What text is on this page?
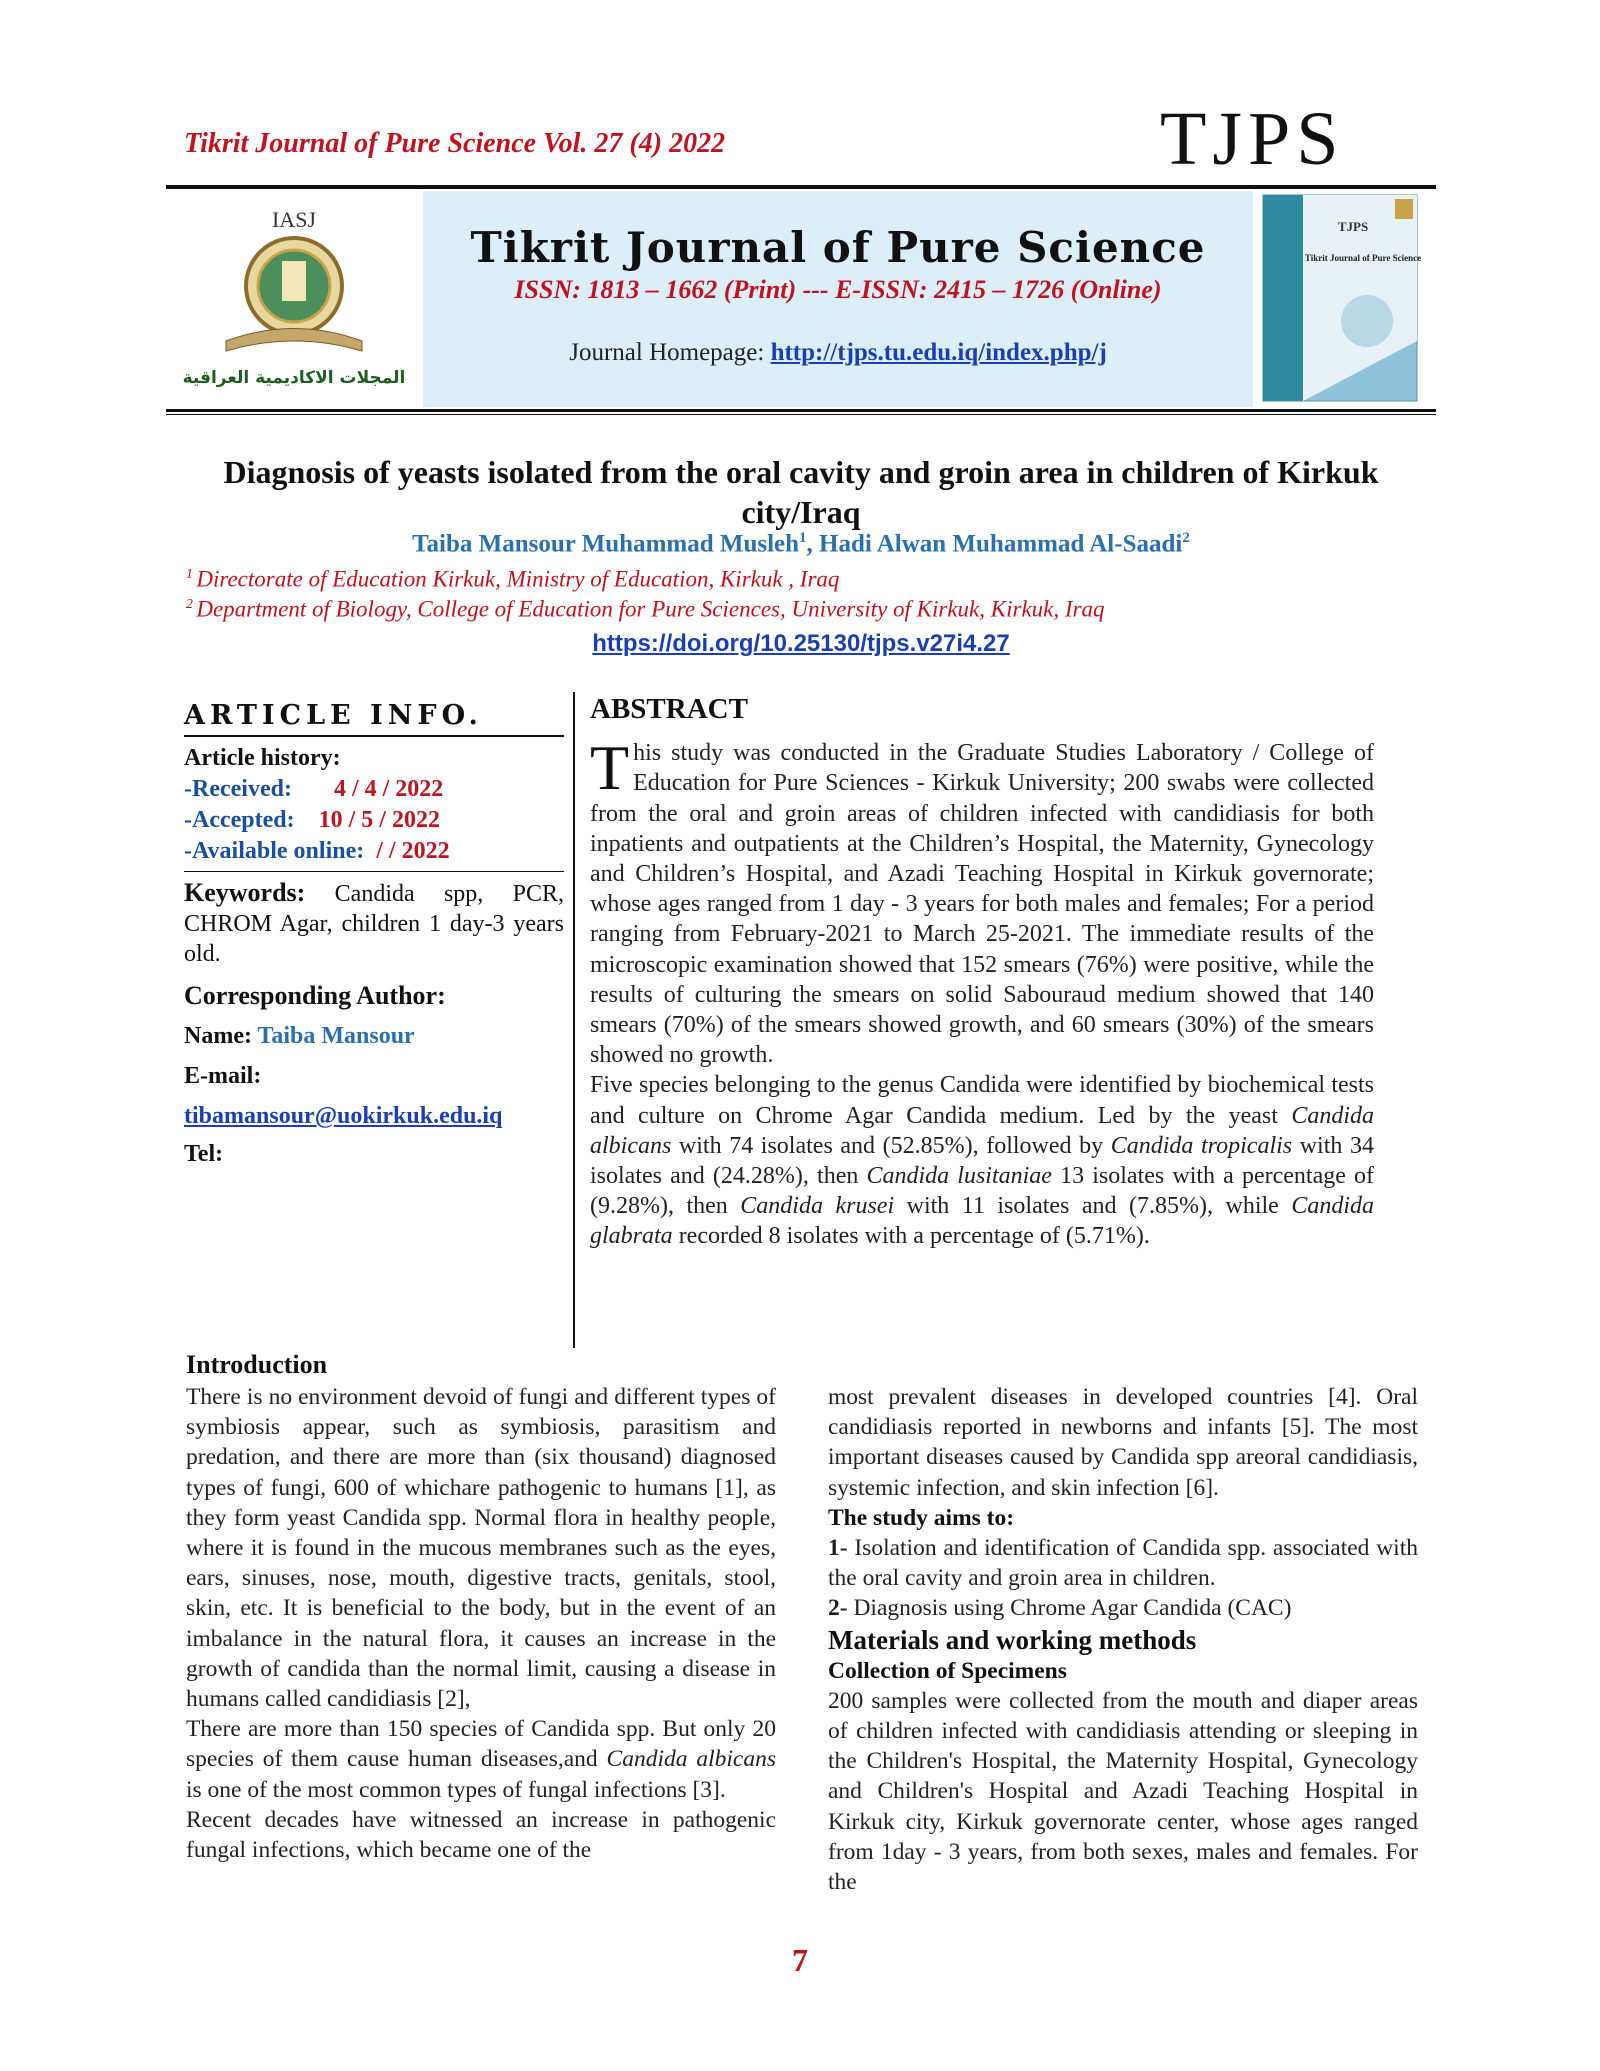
Tikrit Journal of Pure Science Vol. 27 (4) 2022	TJPS
IASJ
المجلات الاكاديمية العراقية
Tikrit Journal of Pure Science
ISSN: 1813 – 1662 (Print) --- E-ISSN: 2415 – 1726 (Online)
Journal Homepage: http://tjps.tu.edu.iq/index.php/j
TJPS
Tikrit Journal of Pure Science
Diagnosis of yeasts isolated from the oral cavity and groin area in children of Kirkuk city/Iraq
Taiba Mansour Muhammad Musleh$^1$, Hadi Alwan Muhammad Al-Saadi$^2$
$^1$ Directorate of Education Kirkuk, Ministry of Education, Kirkuk , Iraq
$^2$ Department of Biology, College of Education for Pure Sciences, University of Kirkuk, Kirkuk, Iraq
https://doi.org/10.25130/tjps.v27i4.27
ARTICLE INFO.
Article history:
-Received: 4 / 4 / 2022
-Accepted: 10 / 5 / 2022
-Available online: / / 2022
Keywords: Candida spp, PCR, CHROM Agar, children 1 day-3 years old.
Corresponding Author:
Name: Taiba Mansour
E-mail:
tibamansour@uokirkuk.edu.iq
Tel:
ABSTRACT

This study was conducted in the Graduate Studies Laboratory / College of Education for Pure Sciences - Kirkuk University; 200 swabs were collected from the oral and groin areas of children infected with candidiasis for both inpatients and outpatients at the Children’s Hospital, the Maternity, Gynecology and Children’s Hospital, and Azadi Teaching Hospital in Kirkuk governorate; whose ages ranged from 1 day - 3 years for both males and females; For a period ranging from February-2021 to March 25-2021. The immediate results of the microscopic examination showed that 152 smears (76%) were positive, while the results of culturing the smears on solid Sabouraud medium showed that 140 smears (70%) of the smears showed growth, and 60 smears (30%) of the smears showed no growth.

Five species belonging to the genus Candida were identified by biochemical tests and culture on Chrome Agar Candida medium. Led by the yeast Candida albicans with 74 isolates and (52.85%), followed by Candida tropicalis with 34 isolates and (24.28%), then Candida lusitaniae 13 isolates with a percentage of (9.28%), then Candida krusei with 11 isolates and (7.85%), while Candida glabrata recorded 8 isolates with a percentage of (5.71%).

Introduction

There is no environment devoid of fungi and different types of symbiosis appear, such as symbiosis, parasitism and predation, and there are more than (six thousand) diagnosed types of fungi, 600 of whichare pathogenic to humans [1], as they form yeast Candida spp. Normal flora in healthy people, where it is found in the mucous membranes such as the eyes, ears, sinuses, nose, mouth, digestive tracts, genitals, stool, skin, etc. It is beneficial to the body, but in the event of an imbalance in the natural flora, it causes an increase in the growth of candida than the normal limit, causing a disease in humans called candidiasis [2],

There are more than 150 species of Candida spp. But only 20 species of them cause human diseases,and Candida albicans is one of the most common types of fungal infections [3].

Recent decades have witnessed an increase in pathogenic fungal infections, which became one of the

most prevalent diseases in developed countries [4]. Oral candidiasis reported in newborns and infants [5]. The most important diseases caused by Candida spp areoral candidiasis, systemic infection, and skin infection [6].

The study aims to:

1- Isolation and identification of Candida spp. associated with the oral cavity and groin area in children.

2- Diagnosis using Chrome Agar Candida (CAC)

Materials and working methods

Collection of Specimens

200 samples were collected from the mouth and diaper areas of children infected with candidiasis attending or sleeping in the Children's Hospital, the Maternity Hospital, Gynecology and Children's Hospital and Azadi Teaching Hospital in Kirkuk city, Kirkuk governorate center, whose ages ranged from 1day - 3 years, from both sexes, males and females. For the

7
